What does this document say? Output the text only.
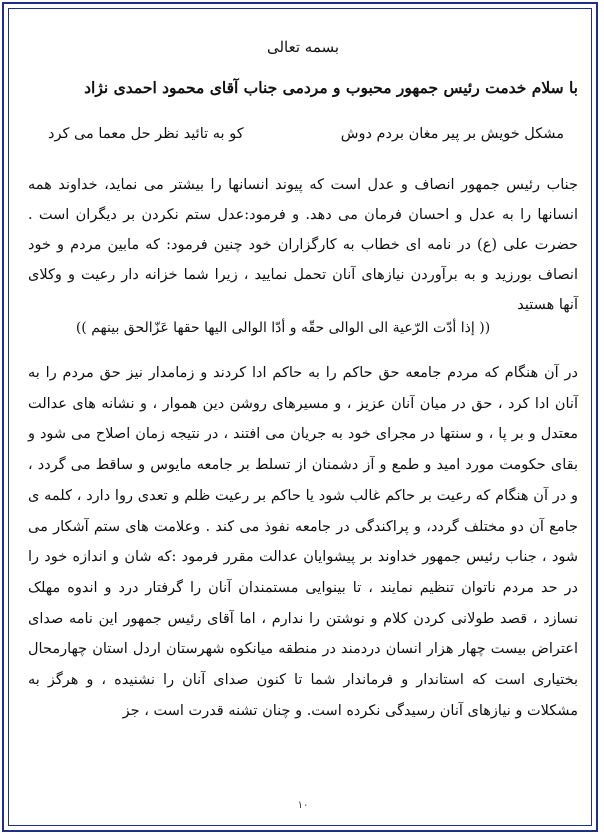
بسمه تعالی
با سلام خدمت رئیس جمهور محبوب و مردمی جناب آقای محمود احمدی نژاد
مشکل خویش بر پیر مغان بردم دوش
کو به تائید نظر حل معما می کرد
جناب رئیس جمهور انصاف و عدل است که پیوند انسانها را بیشتر می نماید، خداوند همه انسانها را به عدل و احسان فرمان می دهد. و فرمود:عدل ستم نکردن بر دیگران است . حضرت علی (ع) در نامه ای خطاب به کارگزاران خود چنین فرمود: که مابین مردم و خود انصاف بورزید و به برآوردن نیازهای آنان تحمل نمایید ، زیرا شما خزانه دار رعیت و وکلای آنها هستید
(( إذا أدّت الرّعیة الی الوالی حقّه و أدّا الوالی الیها حقها عَزّالحق بینهم ))
در آن هنگام که مردم جامعه حق حاکم را به حاکم ادا کردند و زمامدار نیز حق مردم را به آنان ادا کرد ، حق در میان آنان عزیز ، و مسیرهای روشن دین هموار ، و نشانه های عدالت معتدل و بر پا ، و سنتها در مجرای خود به جریان می افتند ، در نتیجه زمان اصلاح می شود و بقای حکومت مورد امید و طمع و آز دشمنان از تسلط بر جامعه مایوس و ساقط می گردد ، و در آن هنگام که رعیت بر حاکم غالب شود یا حاکم بر رعیت ظلم و تعدی روا دارد ، کلمه ی جامع آن دو مختلف گردد، و پراکندگی در جامعه نفوذ می کند . وعلامت های ستم آشکار می شود ، جناب رئیس جمهور خداوند بر پیشوایان عدالت مقرر فرمود :که شان و اندازه خود را در حد مردم ناتوان تنظیم نمایند ، تا بینوایی مستمندان آنان را گرفتار درد و اندوه مهلک نسازد ، قصد طولانی کردن کلام و نوشتن را ندارم ، اما آقای رئیس جمهور این نامه صدای اعتراض بیست چهار هزار انسان دردمند در منطقه میانکوه شهرستان اردل استان چهارمحال بختیاری است که استاندار و فرماندار شما تا کنون صدای آنان را نشنیده ، و هرگز به مشکلات و نیازهای آنان رسیدگی نکرده است. و چنان تشنه قدرت است ، جز
۱۰
